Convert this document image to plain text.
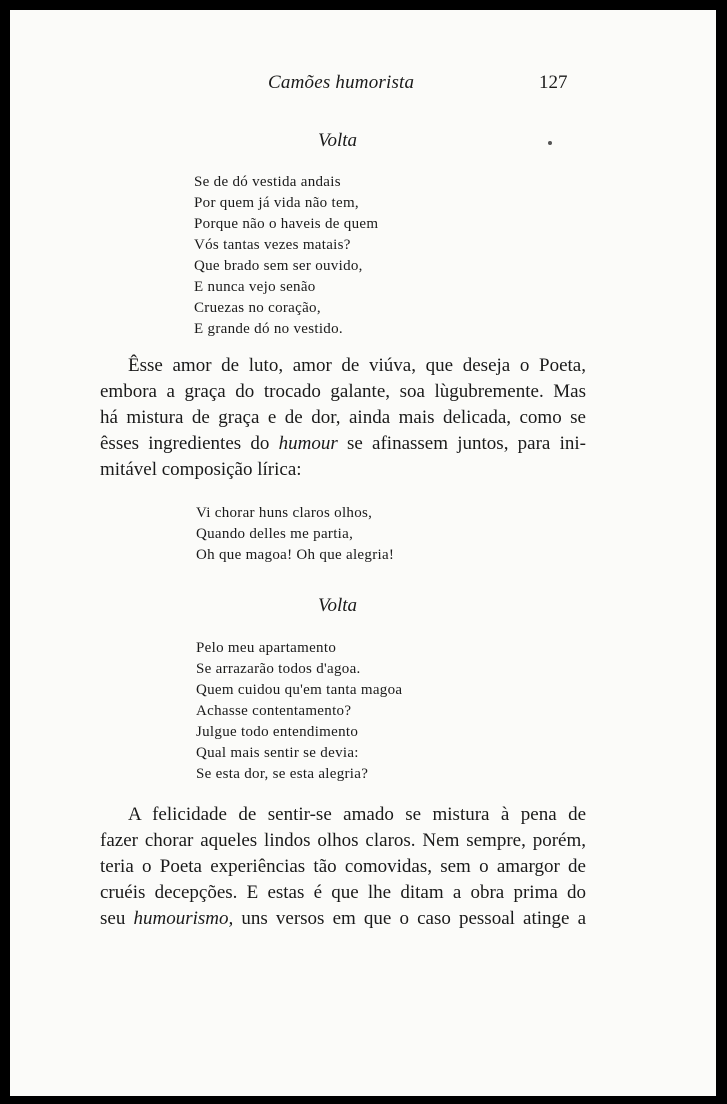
Camões humorista	127
Volta
Se de dó vestida andais
Por quem já vida não tem,
Porque não o haveis de quem
Vós tantas vezes matais?
Que brado sem ser ouvido,
E nunca vejo senão
Cruezas no coração,
E grande dó no vestido.
Êsse amor de luto, amor de viúva, que deseja o Poeta,
embora a graça do trocado galante, soa lùgubremente. Mas
há mistura de graça e de dor, ainda mais delicada, como se
êsses ingredientes do humour se afinassem juntos, para ini-
mitável composição lírica:
Vi chorar huns claros olhos,
Quando delles me partia,
Oh que magoa! Oh que alegria!
Volta
Pelo meu apartamento
Se arrazarão todos d'agoa.
Quem cuidou qu'em tanta magoa
Achasse contentamento?
Julgue todo entendimento
Qual mais sentir se devia:
Se esta dor, se esta alegria?
A felicidade de sentir-se amado se mistura à pena de
fazer chorar aqueles lindos olhos claros. Nem sempre, porém,
teria o Poeta experiências tão comovidas, sem o amargor de
cruéis decepções. E estas é que lhe ditam a obra prima do
seu humourismo, uns versos em que o caso pessoal atinge a
